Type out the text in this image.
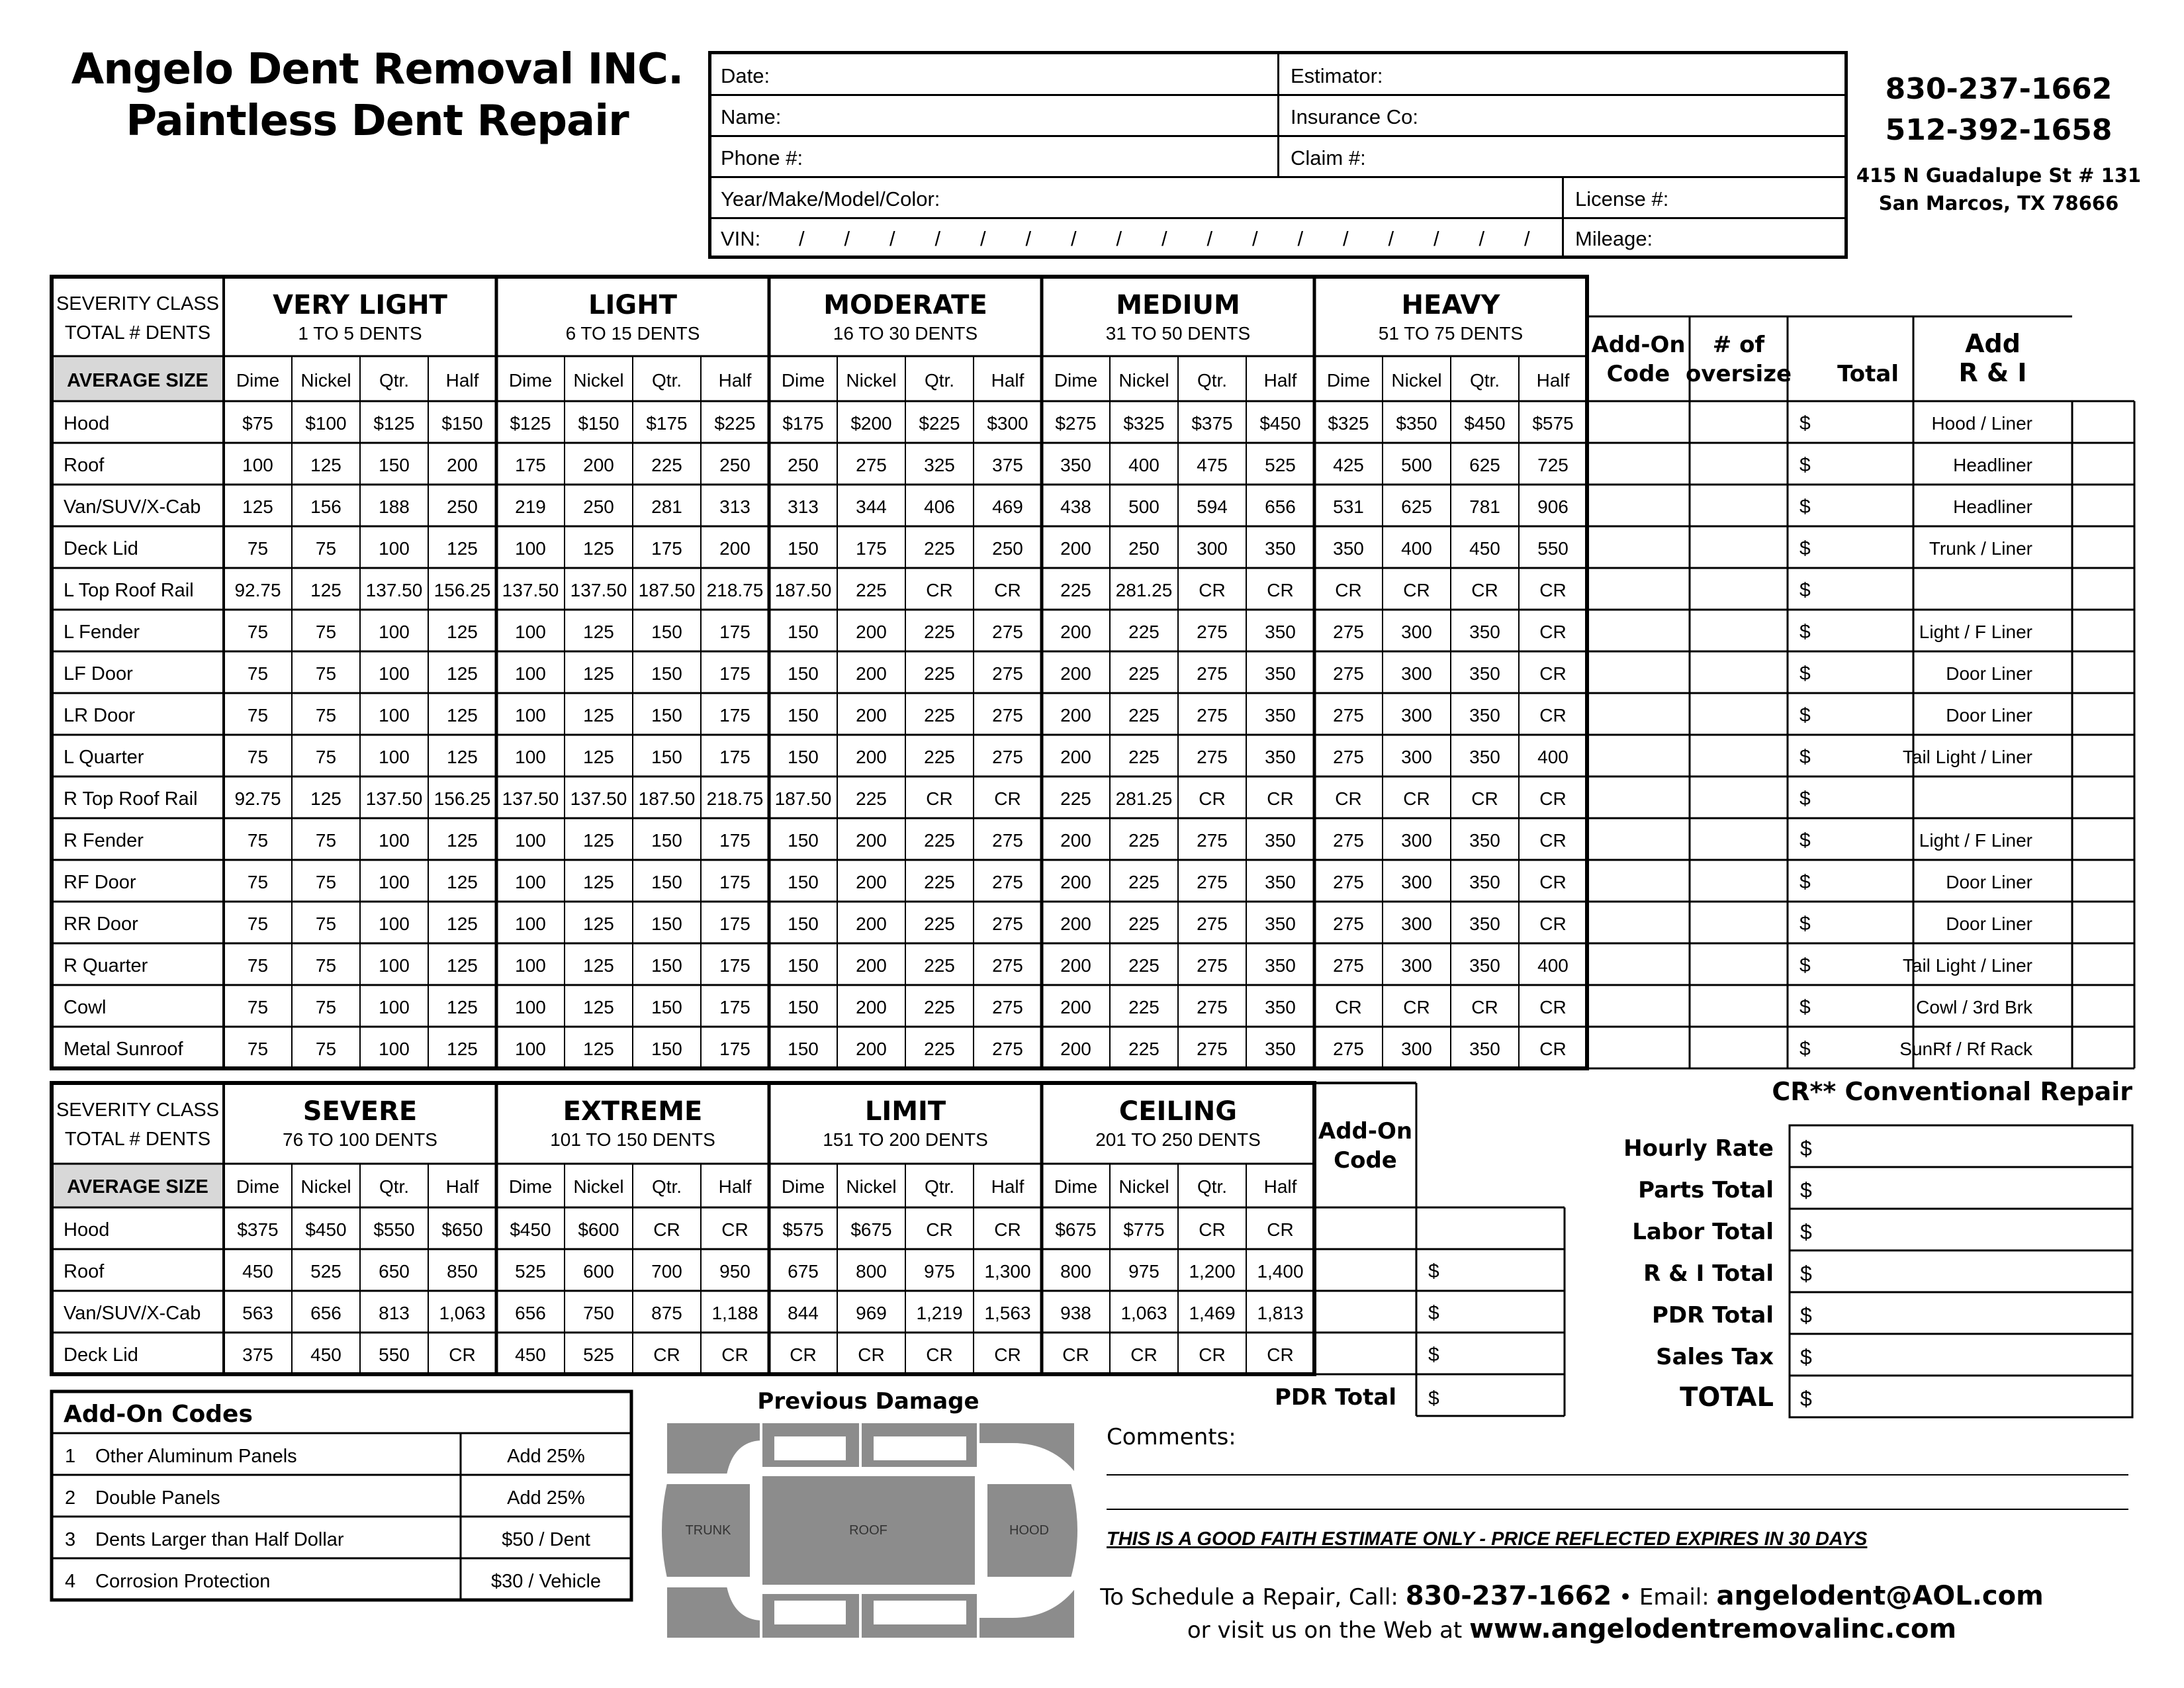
Angelo Dent Removal INC.
Paintless Dent Repair
830-237-1662
512-392-1658
415 N Guadalupe St # 131
San Marcos, TX 78666
Date:	Estimator:
Name:	Insurance Co:
Phone #:	Claim #:
Year/Make/Model/Color:	License #:
VIN:	Mileage:
/ / / / / / / / / / / / / / / / /
SEVERITY CLASS
TOTAL # DENTS
AVERAGE SIZE
VERY LIGHT
1 TO 5 DENTS
Dime Nickel Qtr. Half
LIGHT
6 TO 15 DENTS
Dime Nickel Qtr. Half
MODERATE
16 TO 30 DENTS
Dime Nickel Qtr. Half
MEDIUM
31 TO 50 DENTS
Dime Nickel Qtr. Half
HEAVY
51 TO 75 DENTS
Dime Nickel Qtr. Half
Add-On
Code
# of
oversize Total
Add
R & I
Hood	$75 $100 $125 $150 $125 $150 $175 $225 $175 $200 $225 $300 $275 $325 $375 $450 $325 $350 $450 $575	$	Hood / Liner
Roof	100 125 150 200 175 200 225 250 250 275 325 375 350 400 475 525 425 500 625 725	$	Headliner
Van/SUV/X-Cab 125 156 188 250 219 250 281 313 313 344 406 469 438 500 594 656 531 625 781 906	$	Headliner
Deck Lid	75	75 100 125 100 125 175 200 150 175 225 250 200 250 300 350 350 400 450 550	$	Trunk / Liner
L Top Roof Rail 92.75 125 137.50 156.25 137.50 137.50 187.50 218.75 187.50 225 CR CR 225 281.25 CR CR CR CR CR CR	$
L Fender	75	75 100 125 100 125 150 175 150 200 225 275 200 225 275 350 275 300 350 CR	$	Light / F Liner
LF Door	75	75 100 125 100 125 150 175 150 200 225 275 200 225 275 350 275 300 350 CR	$	Door Liner
LR Door	75	75 100 125 100 125 150 175 150 200 225 275 200 225 275 350 275 300 350 CR	$	Door Liner
L Quarter	75	75 100 125 100 125 150 175 150 200 225 275 200 225 275 350 275 300 350 400	$	Tail Light / Liner
R Top Roof Rail 92.75 125 137.50 156.25 137.50 137.50 187.50 218.75 187.50 225 CR CR 225 281.25 CR CR CR CR CR CR	$
R Fender	75	75 100 125 100 125 150 175 150 200 225 275 200 225 275 350 275 300 350 CR	$	Light / F Liner
RF Door	75	75 100 125 100 125 150 175 150 200 225 275 200 225 275 350 275 300 350 CR	$	Door Liner
RR Door	75	75 100 125 100 125 150 175 150 200 225 275 200 225 275 350 275 300 350 CR	$	Door Liner
R Quarter	75	75 100 125 100 125 150 175 150 200 225 275 200 225 275 350 275 300 350 400	$	Tail Light / Liner
Cowl	75	75 100 125 100 125 150 175 150 200 225 275 200 225 275 350 CR CR CR CR	$	Cowl / 3rd Brk
Metal Sunroof	75	75 100 125 100 125 150 175 150 200 225 275 200 225 275 350 275 300 350 CR	$	SunRf / Rf Rack
SEVERITY CLASS
TOTAL # DENTS
AVERAGE SIZE
SEVERE
76 TO 100 DENTS
Dime Nickel Qtr. Half
EXTREME
101 TO 150 DENTS
Dime Nickel Qtr. Half
LIMIT
151 TO 200 DENTS
Dime Nickel Qtr. Half
CEILING
201 TO 250 DENTS
Dime Nickel Qtr. Half
Add-On
Code
Hood	$375 $450 $550 $650 $450 $600 CR CR $575 $675 CR CR $675 $775 CR CR
Roof	450 525 650 850 525 600 700 950 675 800 975 1,300 800 975 1,200 1,400	$
Van/SUV/X-Cab 563 656 813 1,063 656 750 875 1,188 844 969 1,219 1,563 938 1,063 1,469 1,813	$
Deck Lid	375 450 550 CR 450 525 CR CR CR CR CR CR CR CR CR CR	$
PDR Total $
CR** Conventional Repair
Hourly Rate $
Parts Total $
Labor Total $
R & I Total $
PDR Total $
Sales Tax $
TOTAL $
Add-On Codes
1 Other Aluminum Panels	Add 25%
2 Double Panels	Add 25%
3 Dents Larger than Half Dollar	$50 / Dent
4 Corrosion Protection	$30 / Vehicle
Previous Damage
TRUNK	ROOF	HOOD
Comments:
THIS IS A GOOD FAITH ESTIMATE ONLY - PRICE REFLECTED EXPIRES IN 30 DAYS
To Schedule a Repair, Call: 830-237-1662 • Email: angelodent@AOL.com
or visit us on the Web at www.angelodentremovalinc.com
